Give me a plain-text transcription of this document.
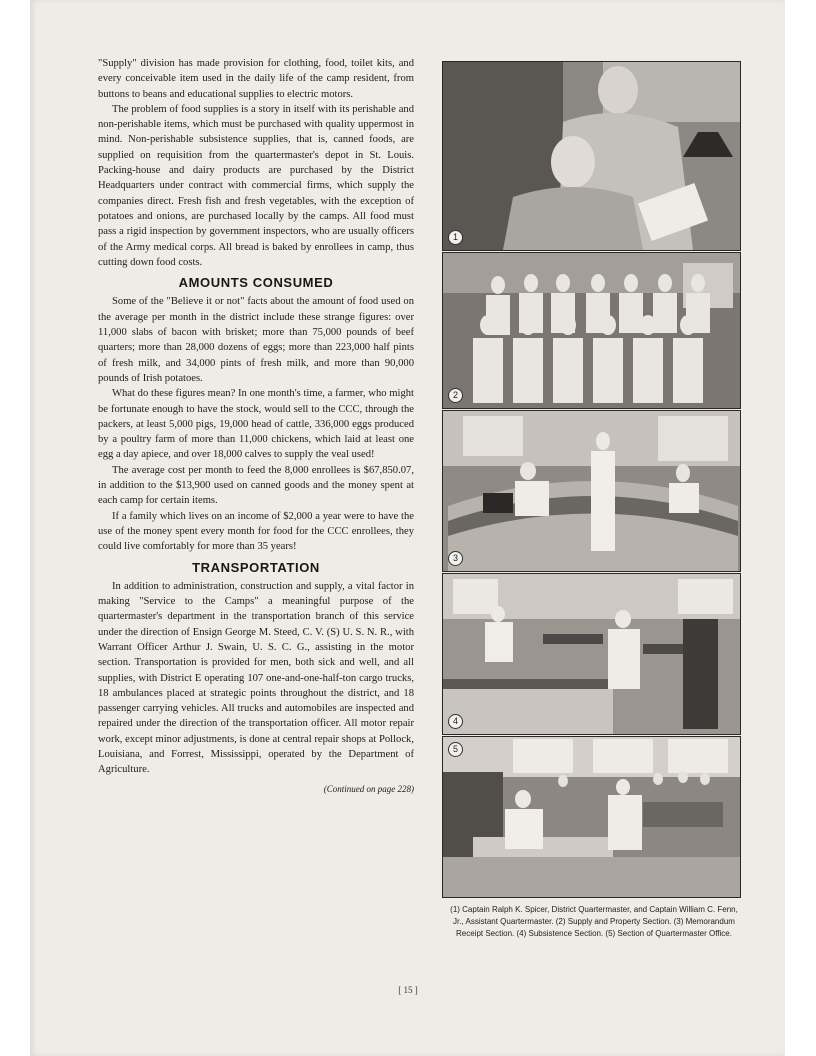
"Supply" division has made provision for clothing, food, toilet kits, and every conceivable item used in the daily life of the camp resident, from buttons to beans and educational supplies to electric motors.

The problem of food supplies is a story in itself with its perishable and non-perishable items, which must be purchased with quality uppermost in mind. Non-perishable subsistence supplies, that is, canned foods, are supplied on requisition from the quartermaster's depot in St. Louis. Packing-house and dairy products are purchased by the District Headquarters under contract with commercial firms, which supply the companies direct. Fresh fish and fresh vegetables, with the exception of potatoes and onions, are purchased locally by the camps. All food must pass a rigid inspection by government inspectors, who are usually officers of the Army medical corps. All bread is baked by enrollees in camp, thus cutting down food costs.

AMOUNTS CONSUMED

Some of the "Believe it or not" facts about the amount of food used on the average per month in the district include these strange figures: over 11,000 slabs of bacon with brisket; more than 75,000 pounds of beef quarters; more than 28,000 dozens of eggs; more than 223,000 half pints of fresh milk, and 34,000 pints of fresh milk, and more than 90,000 pounds of Irish potatoes.

What do these figures mean? In one month's time, a farmer, who might be fortunate enough to have the stock, would sell to the CCC, through the packers, at least 5,000 pigs, 19,000 head of cattle, 336,000 eggs produced by a poultry farm of more than 11,000 chickens, which laid at least one egg a day apiece, and over 18,000 calves to supply the veal used!

The average cost per month to feed the 8,000 enrollees is $67,850.07, in addition to the $13,900 used on canned goods and the money spent at each camp for certain items.

If a family which lives on an income of $2,000 a year were to have the use of the money spent every month for food for the CCC enrollees, they could live comfortably for more than 35 years!

TRANSPORTATION

In addition to administration, construction and supply, a vital factor in making "Service to the Camps" a meaningful purpose of the quartermaster's department in the transportation branch of this service under the direction of Ensign George M. Steed, C. V. (S) U. S. N. R., with Warrant Officer Arthur J. Swain, U. S. C. G., assisting in the motor section. Transportation is provided for men, both sick and well, and all supplies, with District E operating 107 one-and-one-half-ton cargo trucks, 18 ambulances placed at strategic points throughout the district, and 18 passenger carrying vehicles. All trucks and automobiles are inspected and repaired under the direction of the transportation officer. All motor repair work, except minor adjustments, is done at central repair shops at Pollock, Louisiana, and Forrest, Mississippi, operated by the Department of Agriculture.

(Continued on page 228)
1
2
3
4
5
(1) Captain Ralph K. Spicer, District Quartermaster, and Captain William C. Fenn, Jr., Assistant Quartermaster. (2) Supply and Property Section. (3) Memorandum Receipt Section. (4) Subsistence Section. (5) Section of Quartermaster Office.
[ 15 ]
